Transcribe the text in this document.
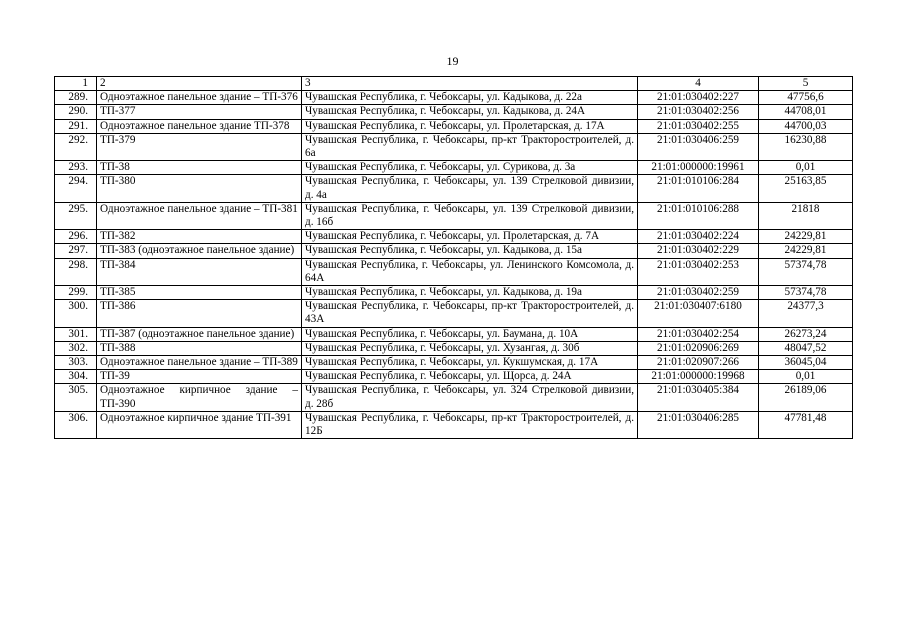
19
1	2	3	4	5
289.	Одноэтажное панельное здание – ТП-376	Чувашская Республика, г. Чебоксары, ул. Кадыкова, д. 22а	21:01:030402:227	47756,6
290.	ТП-377	Чувашская Республика, г. Чебоксары, ул. Кадыкова, д. 24А	21:01:030402:256	44708,01
291.	Одноэтажное панельное здание ТП-378	Чувашская Республика, г. Чебоксары, ул. Пролетарская, д. 17А	21:01:030402:255	44700,03
292.	ТП-379	Чувашская Республика, г. Чебоксары, пр-кт Тракторостроителей, д. 6а	21:01:030406:259	16230,88
293.	ТП-38	Чувашская Республика, г. Чебоксары, ул. Сурикова, д. 3а	21:01:000000:19961	0,01
294.	ТП-380	Чувашская Республика, г. Чебоксары, ул. 139 Стрелковой дивизии, д. 4а	21:01:010106:284	25163,85
295.	Одноэтажное панельное здание – ТП-381	Чувашская Республика, г. Чебоксары, ул. 139 Стрелковой дивизии, д. 16б	21:01:010106:288	21818
296.	ТП-382	Чувашская Республика, г. Чебоксары, ул. Пролетарская, д. 7А	21:01:030402:224	24229,81
297.	ТП-383 (одноэтажное панельное здание)	Чувашская Республика, г. Чебоксары, ул. Кадыкова, д. 15а	21:01:030402:229	24229,81
298.	ТП-384	Чувашская Республика, г. Чебоксары, ул. Ленинского Комсомола, д. 64А	21:01:030402:253	57374,78
299.	ТП-385	Чувашская Республика, г. Чебоксары, ул. Кадыкова, д. 19а	21:01:030402:259	57374,78
300.	ТП-386	Чувашская Республика, г. Чебоксары, пр-кт Тракторостроителей, д. 43А	21:01:030407:6180	24377,3
301.	ТП-387 (одноэтажное панельное здание)	Чувашская Республика, г. Чебоксары, ул. Баумана, д. 10А	21:01:030402:254	26273,24
302.	ТП-388	Чувашская Республика, г. Чебоксары, ул. Хузангая, д. 30б	21:01:020906:269	48047,52
303.	Одноэтажное панельное здание – ТП-389	Чувашская Республика, г. Чебоксары, ул. Кукшумская, д. 17А	21:01:020907:266	36045,04
304.	ТП-39	Чувашская Республика, г. Чебоксары, ул. Щорса, д. 24А	21:01:000000:19968	0,01
305.	Одноэтажное кирпичное здание – ТП-390	Чувашская Республика, г. Чебоксары, ул. 324 Стрелковой дивизии, д. 28б	21:01:030405:384	26189,06
306.	Одноэтажное кирпичное здание ТП-391	Чувашская Республика, г. Чебоксары, пр-кт Тракторостроителей, д. 12Б	21:01:030406:285	47781,48
